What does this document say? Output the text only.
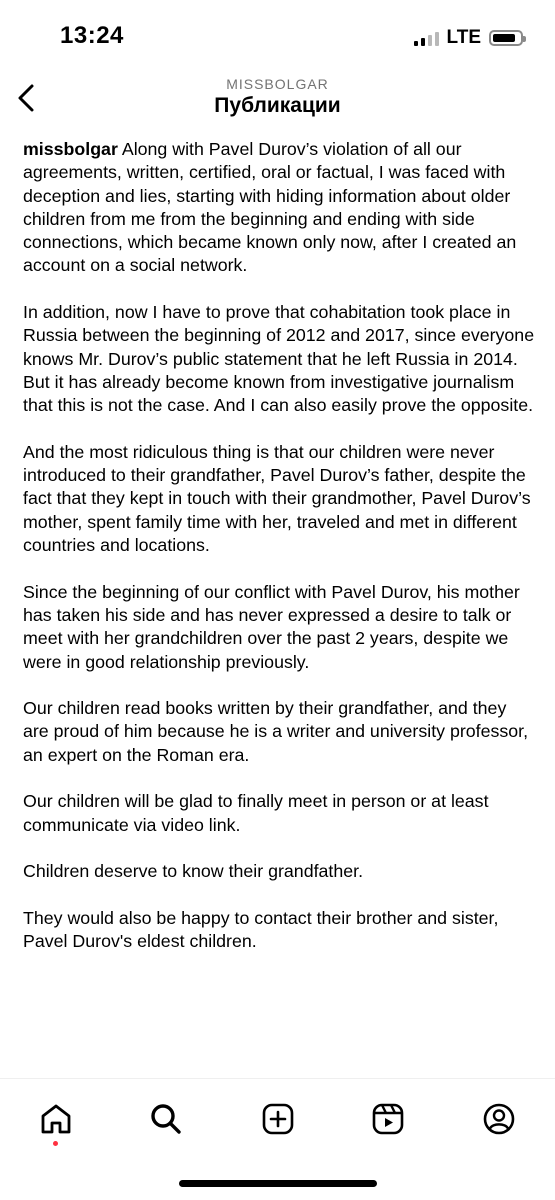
13:24	LTE
MISSBOLGAR
Публикации

missbolgar Along with Pavel Durov’s violation of all our agreements, written, certified, oral or factual, I was faced with deception and lies, starting with hiding information about older children from me from the beginning and ending with side connections, which became known only now, after I created an account on a social network.

In addition, now I have to prove that cohabitation took place in Russia between the beginning of 2012 and 2017, since everyone knows Mr. Durov’s public statement that he left Russia in 2014. But it has already become known from investigative journalism that this is not the case. And I can also easily prove the opposite.

And the most ridiculous thing is that our children were never introduced to their grandfather, Pavel Durov’s father, despite the fact that they kept in touch with their grandmother, Pavel Durov’s mother, spent family time with her, traveled and met in different countries and locations.

Since the beginning of our conflict with Pavel Durov, his mother has taken his side and has never expressed a desire to talk or meet with her grandchildren over the past 2 years, despite we were in good relationship previously.

Our children read books written by their grandfather, and they are proud of him because he is a writer and university professor, an expert on the Roman era.

Our children will be glad to finally meet in person or at least communicate via video link.

Children deserve to know their grandfather.

They would also be happy to contact their brother and sister, Pavel Durov's eldest children.
